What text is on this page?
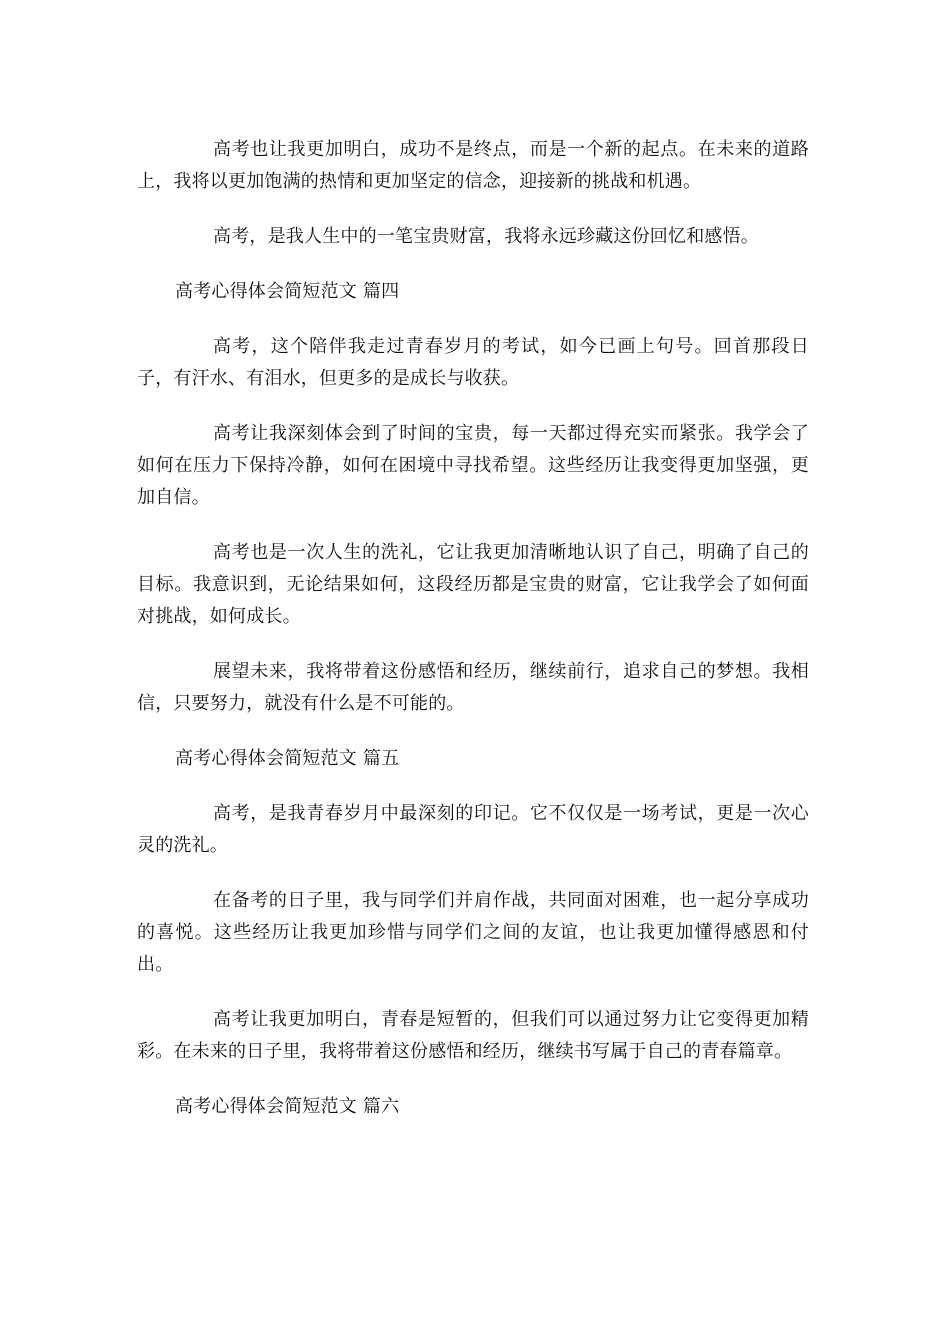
高考也让我更加明白，成功不是终点，而是一个新的起点。在未来的道路上，我将以更加饱满的热情和更加坚定的信念，迎接新的挑战和机遇。

高考，是我人生中的一笔宝贵财富，我将永远珍藏这份回忆和感悟。

高考心得体会简短范文 篇四

高考，这个陪伴我走过青春岁月的考试，如今已画上句号。回首那段日子，有汗水、有泪水，但更多的是成长与收获。

高考让我深刻体会到了时间的宝贵，每一天都过得充实而紧张。我学会了如何在压力下保持冷静，如何在困境中寻找希望。这些经历让我变得更加坚强，更加自信。

高考也是一次人生的洗礼，它让我更加清晰地认识了自己，明确了自己的目标。我意识到，无论结果如何，这段经历都是宝贵的财富，它让我学会了如何面对挑战，如何成长。

展望未来，我将带着这份感悟和经历，继续前行，追求自己的梦想。我相信，只要努力，就没有什么是不可能的。

高考心得体会简短范文 篇五

高考，是我青春岁月中最深刻的印记。它不仅仅是一场考试，更是一次心灵的洗礼。

在备考的日子里，我与同学们并肩作战，共同面对困难，也一起分享成功的喜悦。这些经历让我更加珍惜与同学们之间的友谊，也让我更加懂得感恩和付出。

高考让我更加明白，青春是短暂的，但我们可以通过努力让它变得更加精彩。在未来的日子里，我将带着这份感悟和经历，继续书写属于自己的青春篇章。

高考心得体会简短范文 篇六
